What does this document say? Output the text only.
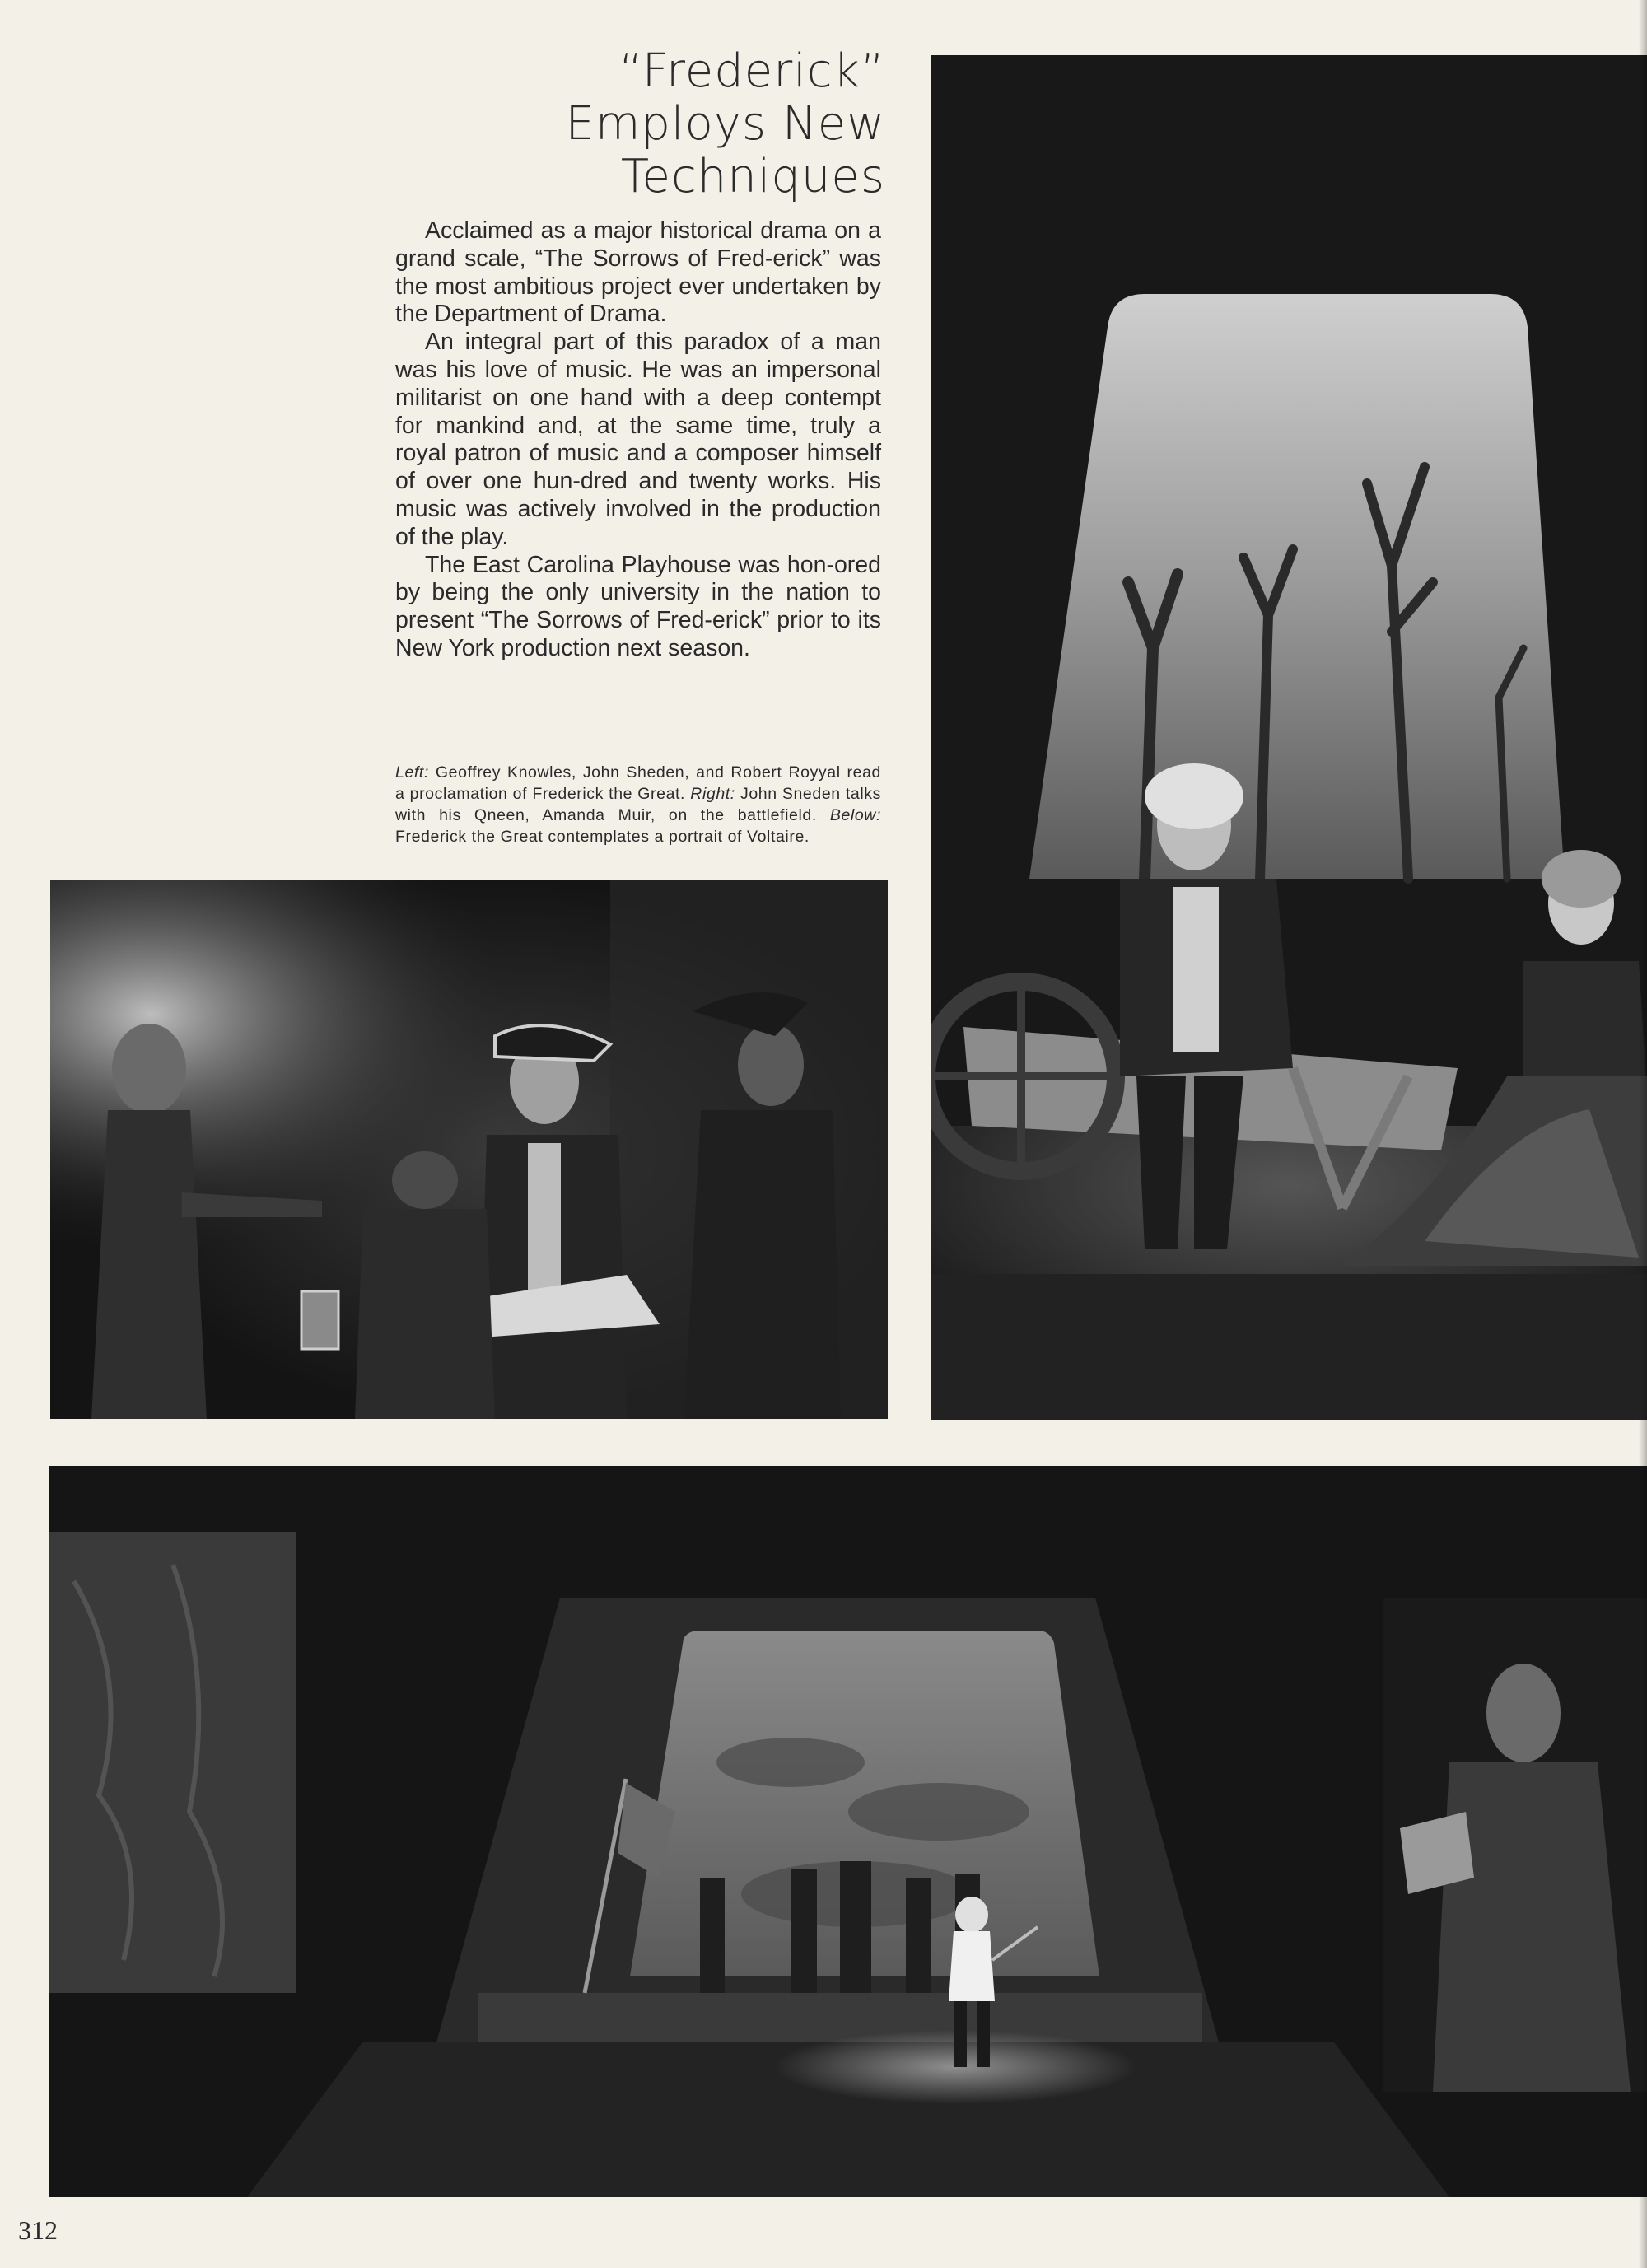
“Frederick”
Employs New
Techniques

Acclaimed as a major historical drama on a grand scale, “The Sorrows of Fred-erick” was the most ambitious project ever undertaken by the Department of Drama.

An integral part of this paradox of a man was his love of music. He was an impersonal militarist on one hand with a deep contempt for mankind and, at the same time, truly a royal patron of music and a composer himself of over one hun-dred and twenty works. His music was actively involved in the production of the play.

The East Carolina Playhouse was hon-ored by being the only university in the nation to present “The Sorrows of Fred-erick” prior to its New York production next season.

Left: Geoffrey Knowles, John Sheden, and Robert Royyal read a proclamation of Frederick the Great. Right: John Sneden talks with his Qneen, Amanda Muir, on the battlefield. Below: Frederick the Great contemplates a portrait of Voltaire.
312
